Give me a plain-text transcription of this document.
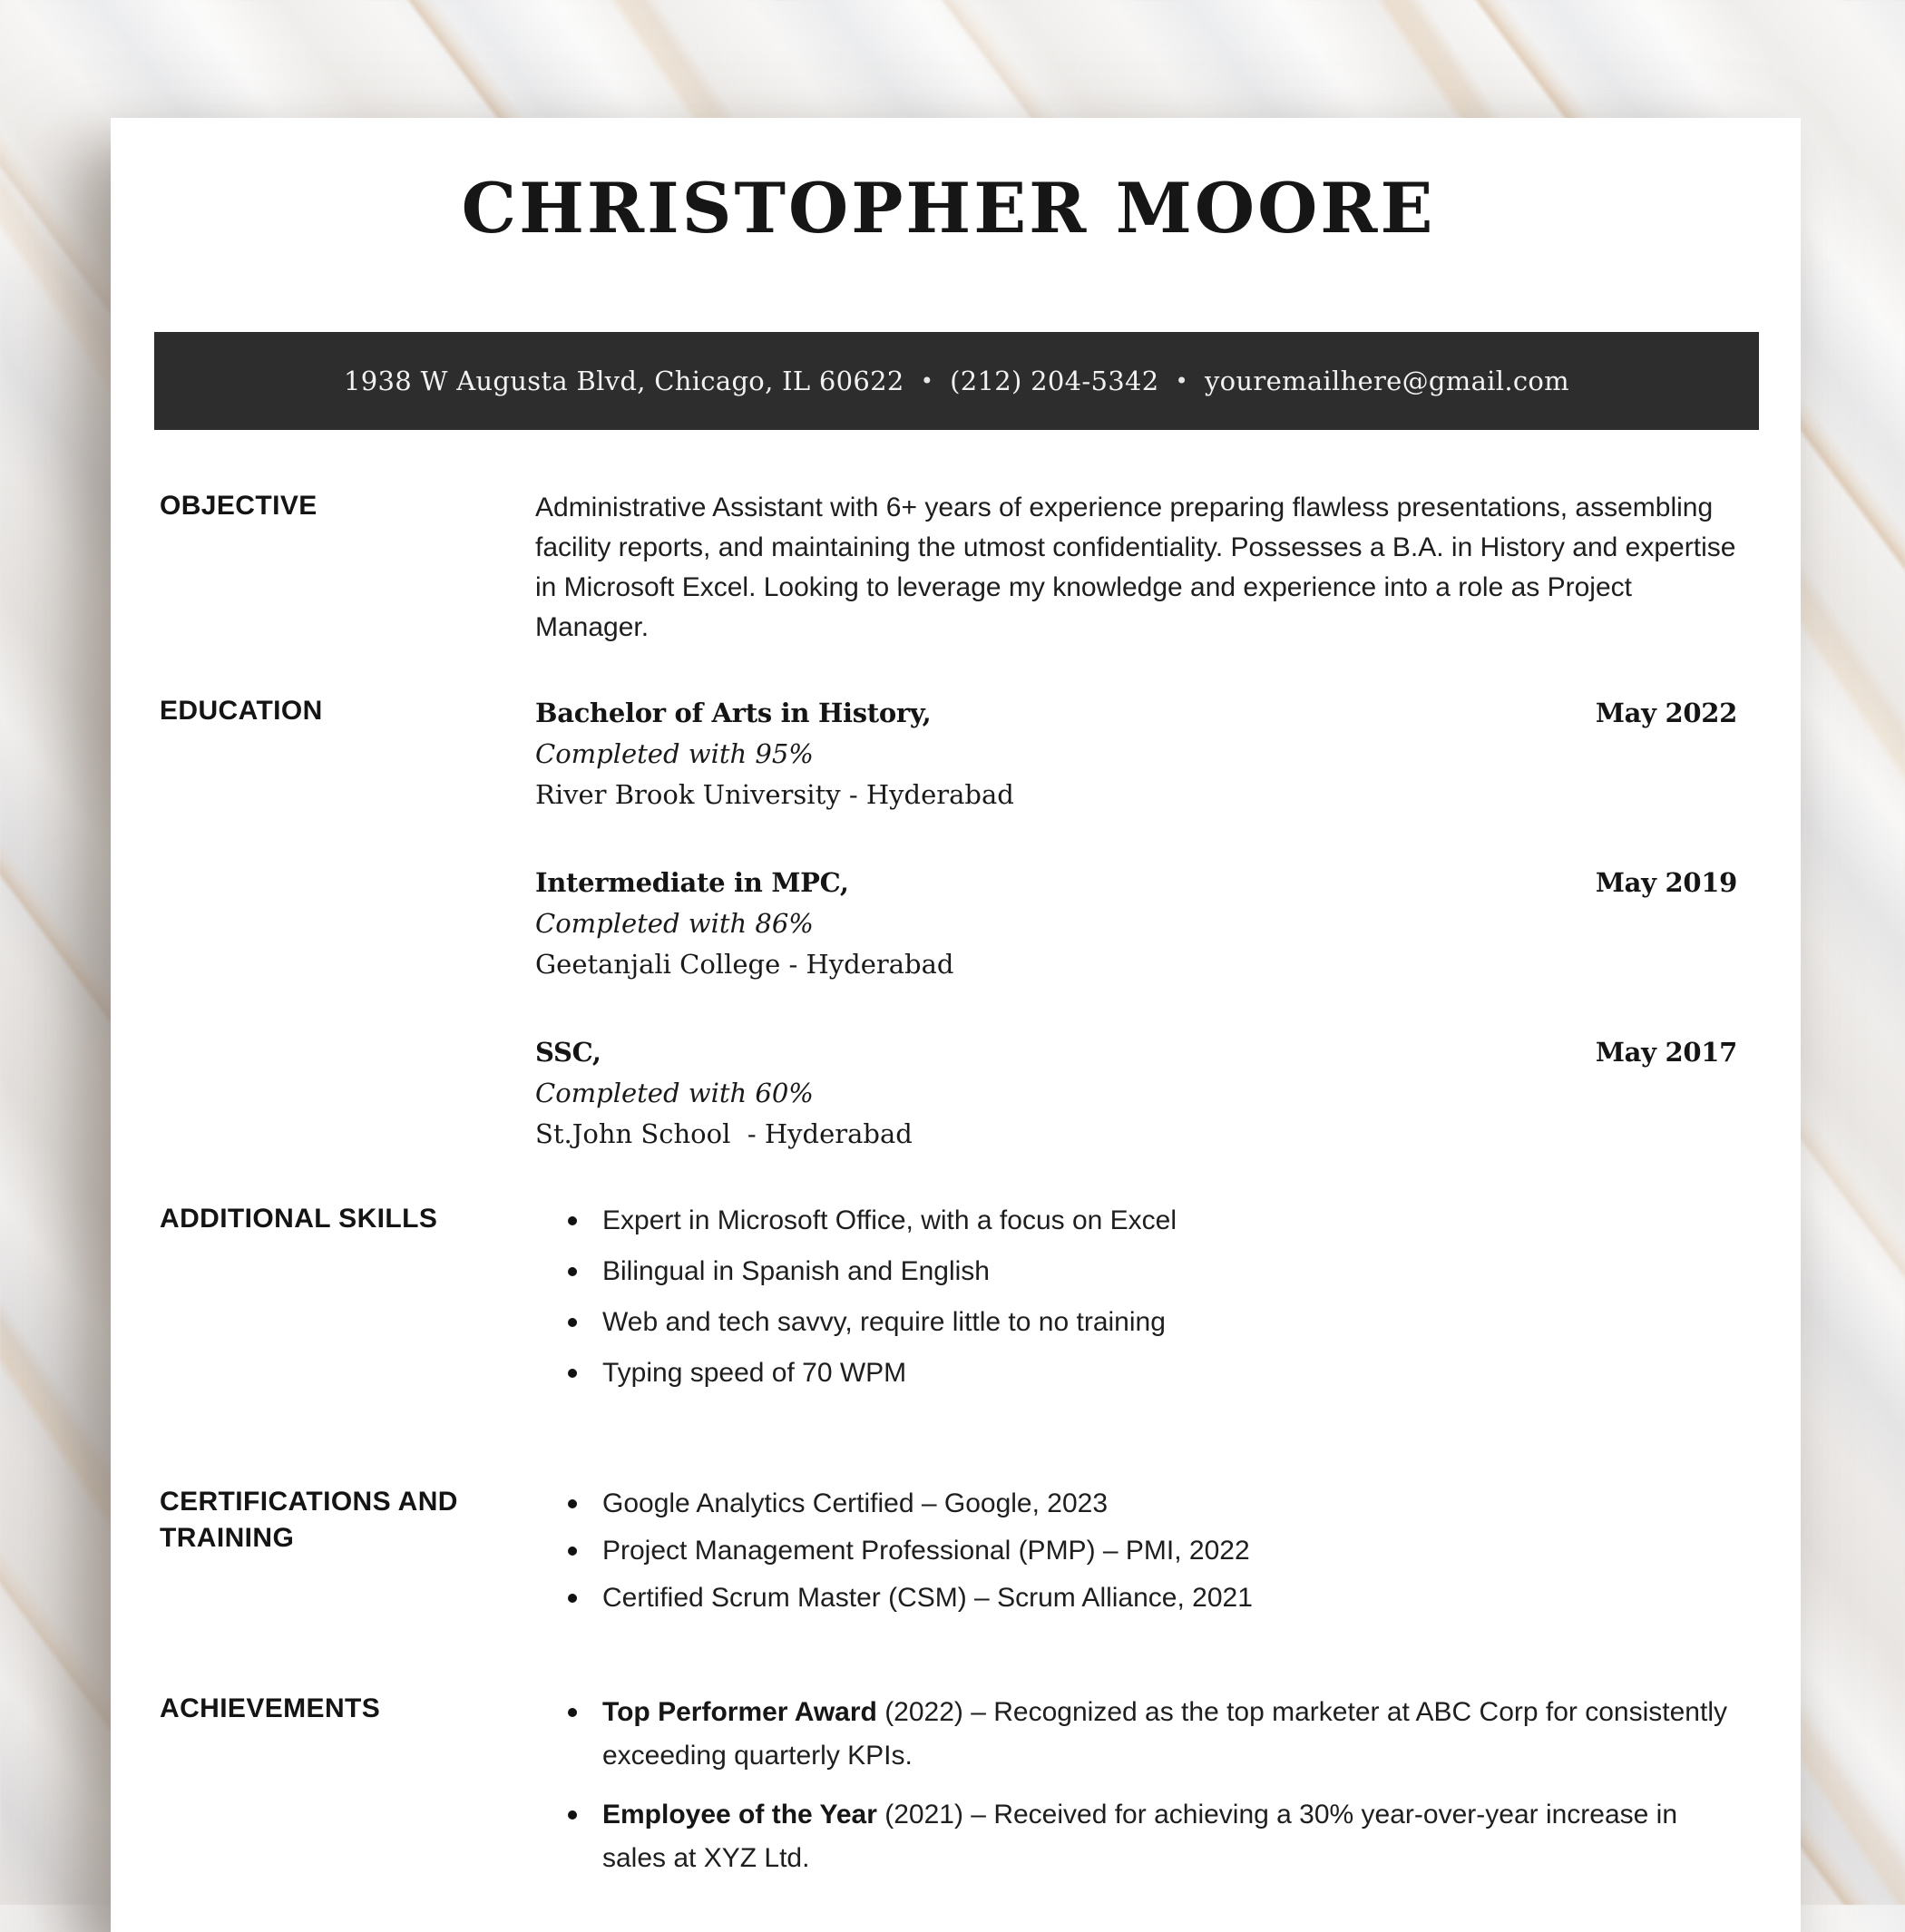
CHRISTOPHER MOORE
1938 W Augusta Blvd, Chicago, IL 60622 • (212) 204-5342 • youremailhere@gmail.com
OBJECTIVE	Administrative Assistant with 6+ years of experience preparing flawless presentations, assembling facility reports, and maintaining the utmost confidentiality. Possesses a B.A. in History and expertise in Microsoft Excel. Looking to leverage my knowledge and experience into a role as Project Manager.

EDUCATION	Bachelor of Arts in History,	May 2022
Completed with 95%
River Brook University - Hyderabad
Intermediate in MPC,	May 2019
Completed with 86%
Geetanjali College - Hyderabad
SSC,	May 2017
Completed with 60%
St.John School  - Hyderabad
ADDITIONAL SKILLS	Expert in Microsoft Office, with a focus on Excel
Bilingual in Spanish and English
Web and tech savvy, require little to no training
Typing speed of 70 WPM
CERTIFICATIONS AND TRAINING
Google Analytics Certified – Google, 2023
Project Management Professional (PMP) – PMI, 2022
Certified Scrum Master (CSM) – Scrum Alliance, 2021
ACHIEVEMENTS	Top Performer Award (2022) – Recognized as the top marketer at ABC Corp for consistently exceeding quarterly KPIs.

Employee of the Year (2021) – Received for achieving a 30% year-over-year increase in sales at XYZ Ltd.
